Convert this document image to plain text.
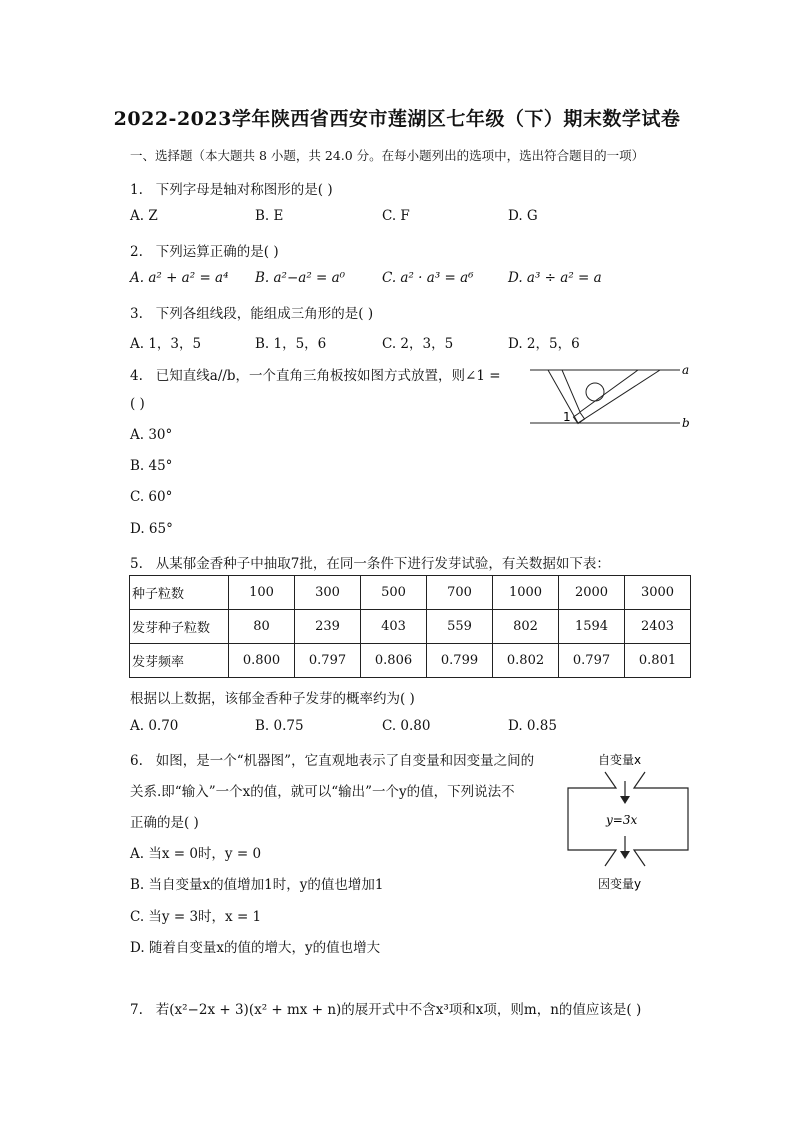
2022-2023学年陕西省西安市莲湖区七年级（下）期末数学试卷
一、选择题（本大题共 8 小题，共 24.0 分。在每小题列出的选项中，选出符合题目的一项）
1. 下列字母是轴对称图形的是( )
A. Z	B. E	C. F	D. G
2. 下列运算正确的是( )
A. a² + a² = a⁴ B. a²−a² = a⁰	C. a² · a³ = a⁶	D. a³ ÷ a² = a
3. 下列各组线段，能组成三角形的是( )
A. 1，3，5	B. 1，5，6	C. 2，3，5	D. 2，5，6
4. 已知直线a//b，一个直角三角板按如图方式放置，则∠1 =
( )
A. 30°
B. 45°
C. 60°
D. 65°
a
b
1
5. 从某郁金香种子中抽取7批，在同一条件下进行发芽试验，有关数据如下表：
种子粒数	100	300	500	700	1000	2000	3000
发芽种子粒数	80	239	403	559	802	1594	2403
发芽频率	0.800	0.797	0.806	0.799	0.802	0.797	0.801
根据以上数据，该郁金香种子发芽的概率约为( )
A. 0.70	B. 0.75	C. 0.80	D. 0.85
6. 如图，是一个“机器图”，它直观地表示了自变量和因变量之间的
关系.即“输入”一个x的值，就可以“输出”一个y的值，下列说法不
正确的是( )
A. 当x = 0时，y = 0
B. 当自变量x的值增加1时，y的值也增加1
C. 当y = 3时，x = 1
D. 随着自变量x的值的增大，y的值也增大
自变量x
y=3x
因变量y
7. 若(x²−2x + 3)(x² + mx + n)的展开式中不含x³项和x项，则m，n的值应该是( )
